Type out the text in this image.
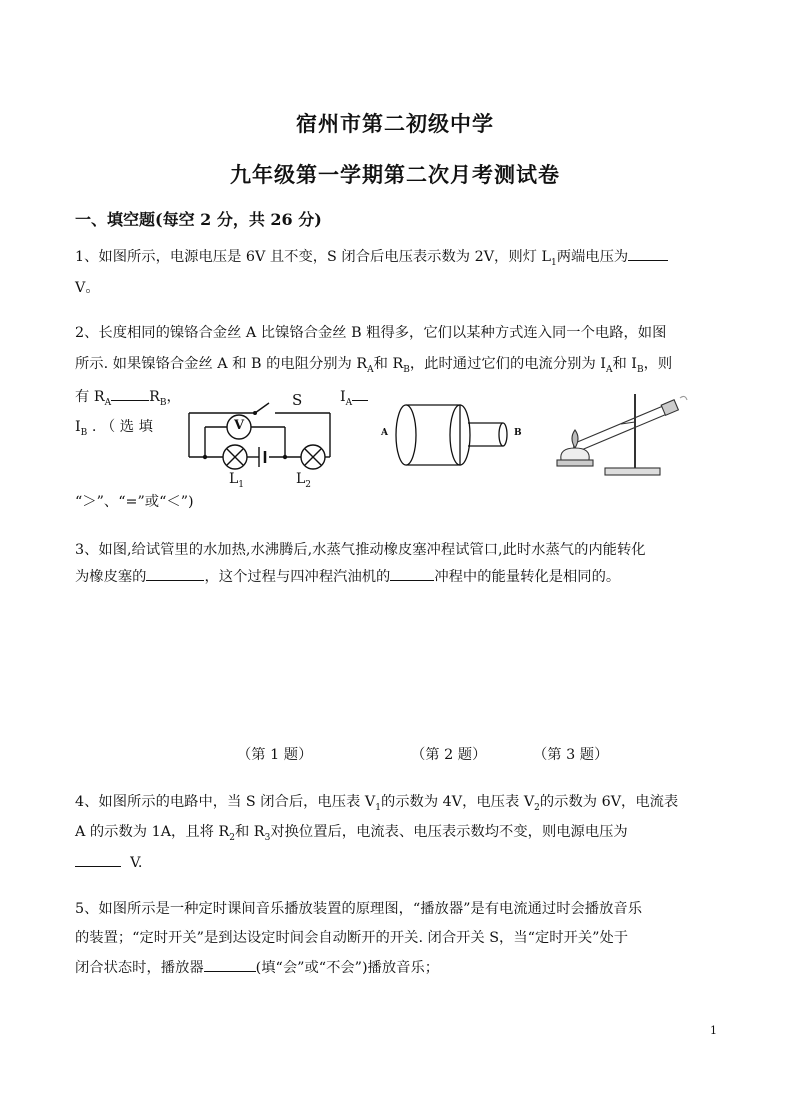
宿州市第二初级中学
九年级第一学期第二次月考测试卷
一、填空题(每空 2 分，共 26 分)
1、如图所示，电源电压是 6V 且不变，S 闭合后电压表示数为 2V，则灯 $L_1$两端电压为
V。
2、长度相同的镍铬合金丝 A 比镍铬合金丝 B 粗得多，它们以某种方式连入同一个电路，如图
所示. 如果镍铬合金丝 A 和 B 的电阻分别为 $R_A$和 $R_B$，此时通过它们的电流分别为 $I_A$和 $I_B$，则
有 $R_A$	$R_B$，	$I_A$
$I_B$ . （ 选 填
“＞”、“=”或“＜”)
S
V
$L_1$	$L_2$
A	B
3、如图,给试管里的水加热,水沸腾后,水蒸气推动橡皮塞冲程试管口,此时水蒸气的内能转化
为橡皮塞的	，这个过程与四冲程汽油机的	冲程中的能量转化是相同的。
（第 1 题）	（第 2 题）	（第 3 题）
4、如图所示的电路中，当 S 闭合后，电压表 $V_1$的示数为 4V，电压表 $V_2$的示数为 6V，电流表
A 的示数为 1A，且将 $R_2$和 $R_3$对换位置后，电流表、电压表示数均不变，则电源电压为
V.
5、如图所示是一种定时课间音乐播放装置的原理图，“播放器”是有电流通过时会播放音乐
的装置；“定时开关”是到达设定时间会自动断开的开关. 闭合开关 S，当“定时开关”处于
闭合状态时，播放器	(填“会”或“不会”)播放音乐；
1
